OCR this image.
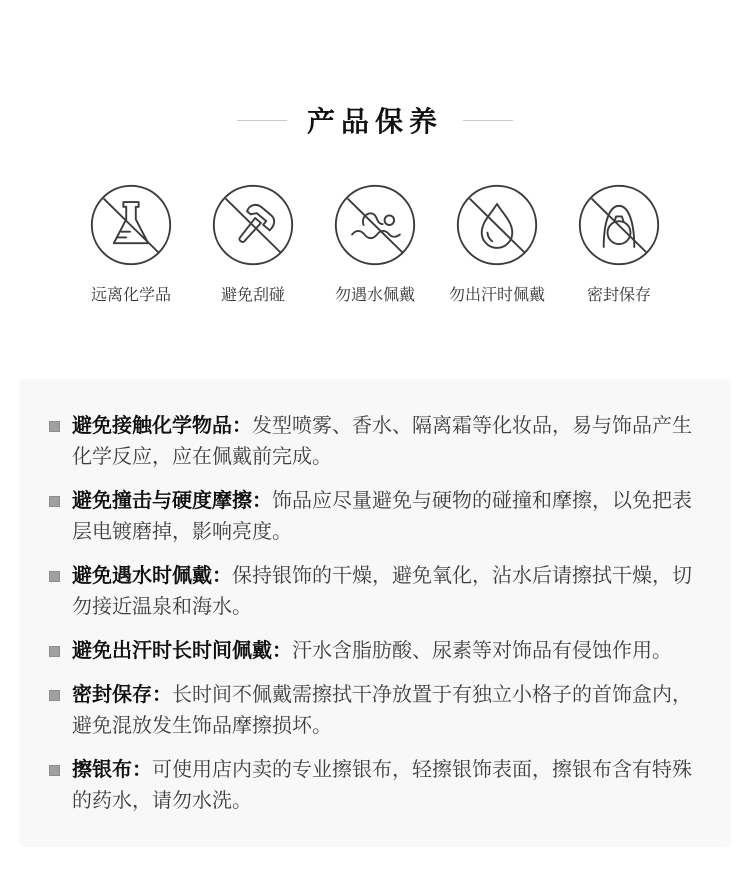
产品保养
远离化学品	避免刮碰	勿遇水佩戴 勿出汗时佩戴	密封保存
避免接触化学物品：发型喷雾、香水、隔离霜等化妆品，易与饰品产生化学反应，应在佩戴前完成。
避免撞击与硬度摩擦：饰品应尽量避免与硬物的碰撞和摩擦，以免把表层电镀磨掉，影响亮度。
避免遇水时佩戴：保持银饰的干燥，避免氧化，沾水后请擦拭干燥，切勿接近温泉和海水。
避免出汗时长时间佩戴：汗水含脂肪酸、尿素等对饰品有侵蚀作用。
密封保存：长时间不佩戴需擦拭干净放置于有独立小格子的首饰盒内，避免混放发生饰品摩擦损坏。
擦银布：可使用店内卖的专业擦银布，轻擦银饰表面，擦银布含有特殊的药水，请勿水洗。
